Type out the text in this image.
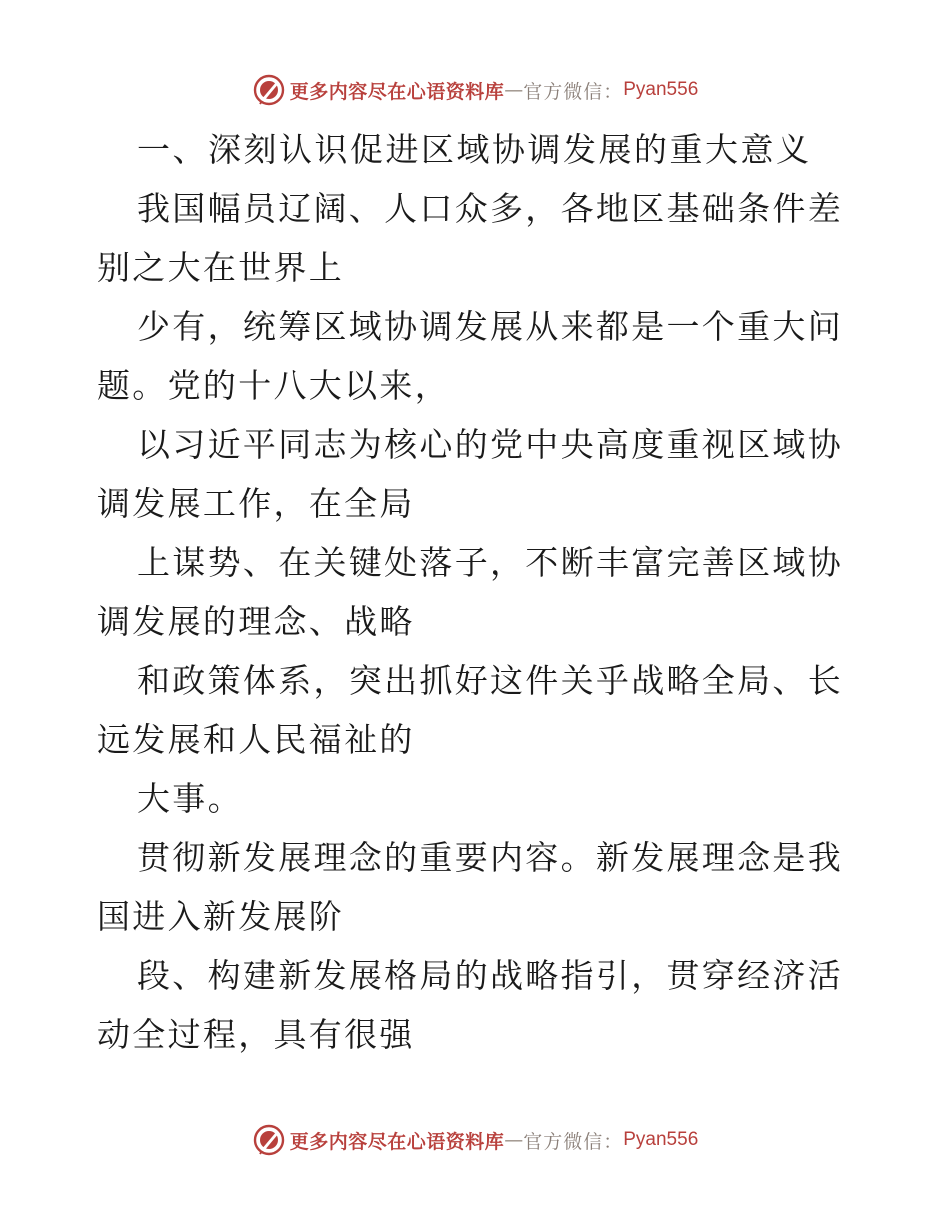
更多内容尽在心语资料库 — 官方微信： Pyan556

一、深刻认识促进区域协调发展的重大意义

我国幅员辽阔、人口众多，各地区基础条件差别之大在世界上

少有，统筹区域协调发展从来都是一个重大问题。党的十八大以来，

以习近平同志为核心的党中央高度重视区域协调发展工作，在全局

上谋势、在关键处落子，不断丰富完善区域协调发展的理念、战略

和政策体系，突出抓好这件关乎战略全局、长远发展和人民福祉的

大事。

贯彻新发展理念的重要内容。新发展理念是我国进入新发展阶

段、构建新发展格局的战略指引，贯穿经济活动全过程，具有很强

更多内容尽在心语资料库 — 官方微信： Pyan556
